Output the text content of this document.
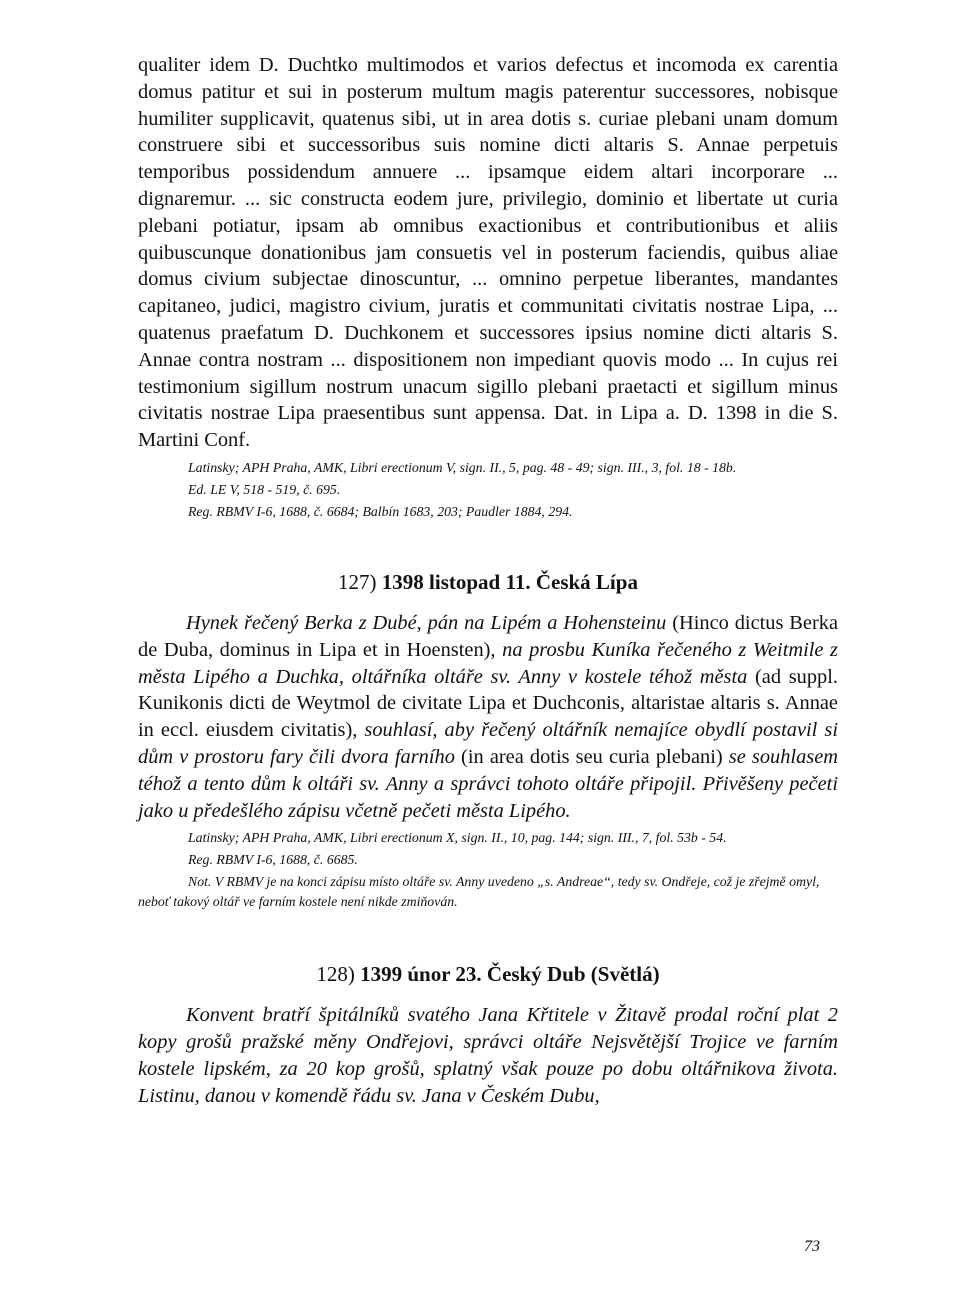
qualiter idem D. Duchtko multimodos et varios defectus et incomoda ex carentia domus patitur et sui in posterum multum magis paterentur successores, nobisque humiliter supplicavit, quatenus sibi, ut in area dotis s. curiae plebani unam domum construere sibi et successoribus suis nomine dicti altaris S. Annae perpetuis temporibus possidendum annuere ... ipsamque eidem altari incorporare ... dignaremur. ... sic constructa eodem jure, privilegio, dominio et libertate ut curia plebani potiatur, ipsam ab omnibus exactionibus et contributionibus et aliis quibuscunque donationibus jam consuetis vel in posterum faciendis, quibus aliae domus civium subjectae dinoscuntur, ... omnino perpetue liberantes, mandantes capitaneo, judici, magistro civium, juratis et communitati civitatis nostrae Lipa, ... quatenus praefatum D. Duchkonem et successores ipsius nomine dicti altaris S. Annae contra nostram ... dispositionem non impediant quovis modo ... In cujus rei testimonium sigillum nostrum unacum sigillo plebani praetacti et sigillum minus civitatis nostrae Lipa praesentibus sunt appensa. Dat. in Lipa a. D. 1398 in die S. Martini Conf.

Latinsky; APH Praha, AMK, Libri erectionum V, sign. II., 5, pag. 48 - 49; sign. III., 3, fol. 18 - 18b.

Ed. LE V, 518 - 519, č. 695.

Reg. RBMV I-6, 1688, č. 6684; Balbín 1683, 203; Paudler 1884, 294.

127) 1398 listopad 11. Česká Lípa

Hynek řečený Berka z Dubé, pán na Lipém a Hohensteinu (Hinco dictus Berka de Duba, dominus in Lipa et in Hoensten), na prosbu Kuníka řečeného z Weitmile z města Lipého a Duchka, oltářníka oltáře sv. Anny v kostele téhož města (ad suppl. Kunikonis dicti de Weytmol de civitate Lipa et Duchconis, altaristae altaris s. Annae in eccl. eiusdem civitatis), souhlasí, aby řečený oltářník nemajíce obydlí postavil si dům v prostoru fary čili dvora farního (in area dotis seu curia plebani) se souhlasem téhož a tento dům k oltáři sv. Anny a správci tohoto oltáře připojil. Přivěšeny pečeti jako u předešlého zápisu včetně pečeti města Lipého.

Latinsky; APH Praha, AMK, Libri erectionum X, sign. II., 10, pag. 144; sign. III., 7, fol. 53b - 54.

Reg. RBMV I-6, 1688, č. 6685.

Not. V RBMV je na konci zápisu místo oltáře sv. Anny uvedeno „s. Andreae“, tedy sv. Ondřeje, což je zřejmě omyl, neboť takový oltář ve farním kostele není nikde zmiňován.

128) 1399 únor 23. Český Dub (Světlá)

Konvent bratří špitálníků svatého Jana Křtitele v Žitavě prodal roční plat 2 kopy grošů pražské měny Ondřejovi, správci oltáře Nejsvětější Trojice ve farním kostele lipském, za 20 kop grošů, splatný však pouze po dobu oltářnikova života. Listinu, danou v komendě řádu sv. Jana v Českém Dubu,

73
